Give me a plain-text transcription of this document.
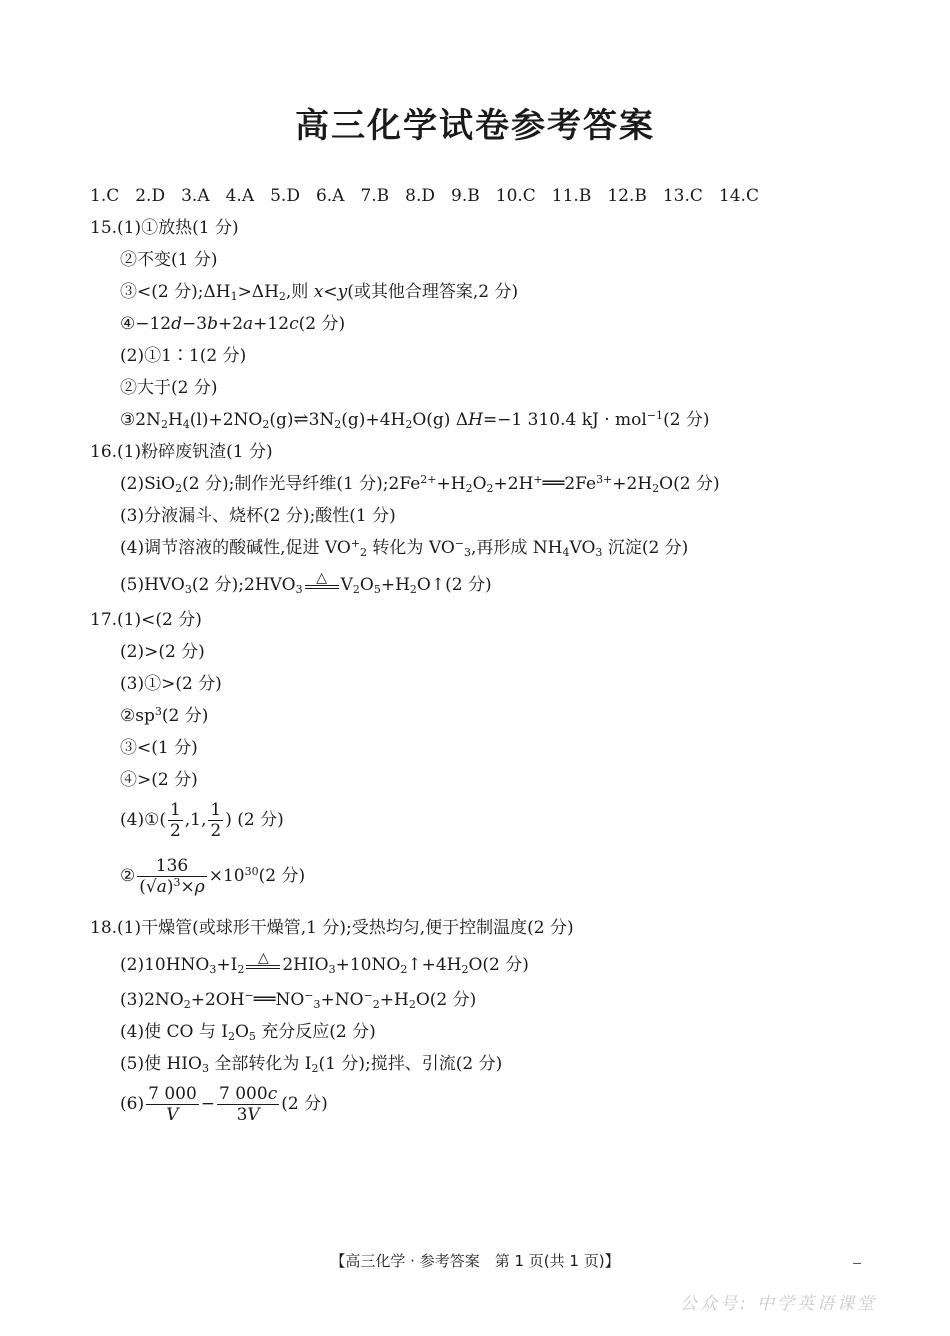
高三化学试卷参考答案
1.C 2.D 3.A 4.A 5.D 6.A 7.B 8.D 9.B 10.C 11.B 12.B 13.C 14.C
15.(1)①放热(1 分)
②不变(1 分)
③<(2 分)$;\Delta H_1>\Delta H_2$,则 x<y(或其他合理答案,2 分)
④−12d−3b+2a+12c(2 分)
(2)①1∶1(2 分)
②大于(2 分)
$③2N_2H_4(l)+2NO_2(g)\rightleftharpoons 3N_2(g)+4H_2O(g)$ ΔH=−1 310.4 kJ · mol$^{-1}$(2 分)
16.(1)粉碎废钒渣(1 分)
(2)SiO$_2$(2 分);制作光导纤维(1 分)$;2Fe^{2+}+H_2O_2+2H^+══2Fe^{3+}+2H_2O(2$ 分)
(3)分液漏斗、烧杯(2 分);酸性(1 分)
(4)调节溶液的酸碱性,促进 $VO^+_2$ 转化为 $VO^-_3$,再形成 $NH_4VO_3$ 沉淀(2 分)
$(5)HVO_3(2$ 分)$;2HVO_3$
△ $V_2O_5+H_2O↑(2$ 分)
17.(1)<(2 分)
(2)>(2 分)
(3)①>(2 分)
$②sp^3(2$ 分)
③<(1 分)
④>(2 分)
(4)①( $\frac{1}{2} ,1$, $\frac{1}{2}$ ) (2 分)
② $\frac{136}{(√a)^3\times\rho} \times 10^{30}(2$ 分)
18.(1)干燥管(或球形干燥管,1 分);受热均匀,便于控制温度(2 分)
$(2)10HNO_3+I_2$
△ $2HIO_3+10NO_2↑+4H_2O(2$ 分)
$(3)2NO_2+2OH^-══NO^-_3+NO^-_2+H_2O(2$ 分)
(4)使 CO 与 $I_2O_5$ 充分反应(2 分)
(5)使 $HIO_3$ 全部转化为 $I_2(1$ 分);搅拌、引流(2 分)
$(6) \frac{7 000}{V} - \frac{7 000c}{3V} (2$ 分)
【高三化学 · 参考答案　第 1 页(共 1 页)】
公众号: 中学英语课堂
